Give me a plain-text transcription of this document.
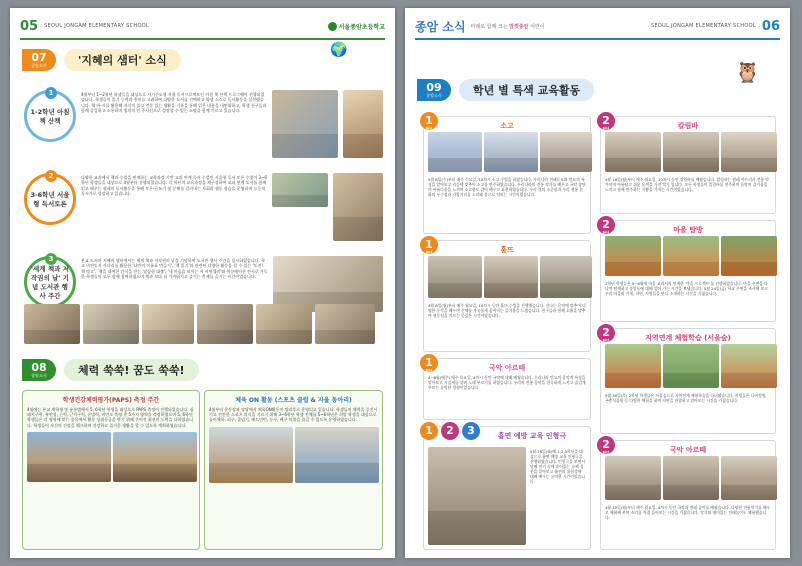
05 SEOUL JONGAM ELEMENTARY SCHOOL	서울종암초등학교
07
종암소식	'지혜의 샘터' 소식
🌍
1
1-2학년 아침 책 산책
4월부터 1~2학년 학생들을 대상으로 자기주도형 자율 독서프로젝트인 아침 책 산책 프로그램이 진행되었습니다. 학생들이 읽기 능력과 흥미를 고려하여 다양한 도서를 선택하고 학생 스스로 독서활동을 실천했습니다. 책 바-시를 활용해 자신의 읽고 견문 있는 생활을 기록을 통해 읽은 내용을 내면화하고, 학생 친구들과 함께 공감하고 소통하며 정의적 인 주사진으로 성장할 수 있는 소양을 함께 기르고 있습니다.
2
3-6학년 서울형 독서토론
다양한 교과에서 책과 수업을 연계하는 교육과정 기반 교과 연계 독서 수업인 서울형 독서 토론 수업이 3~6학년 학생들을 대상으로 4월부터 진행되었습니다. 각 학년의 교육과정을 재구성하여 교과 연계 도서를 함께 읽고 배우는 형태의 독서활동을 통해 토론-글쓰기 및 문해를 길러내는 사회과 협동 학습을 운영하며 능동적 독서가로 성장하고 있습니다.
3
'세계 책과 저작권의 날' 기념 도서관 행사 주간
본교 도서관 지혜의 샘터에서는 세계 책과 저작권의 날을 기념하여 도서관 행사 주간을 실시하였습니다. 학교 비전도서 사다리를 활용한 '나만의 이름표 만들기', '책 읽기'과 관련된 다양한 활동을 할 수 있는 '도전! 책 빙고', '책을 대여한 간식을 받는 '달콤한 대출', '내 마음을 보이는 서 서연셀러'와 북큐레이션 전시로 가득 한 학생들이 모두 함께 참여하였으며 책과 보다 더 가까워지고 즐기는 축제를 즐기는 시간이었습니다.
08
종암소식	체력 쑥쑥! 꿈도 쑥쑥!
학생건강체력평가(PAPS) 측정 주간

4월에는 본교 재학생 및 유통법에서 5, 6학년 학생을 대상으로 PAPS 측정이 진행되었습니다. 심폐지구력, 유연성, 근력, 근지구력, 순발력, 비만도 측정 총 5가지 영역을 측정하였으며 5, 6학년 학생들은 각 영역에 맞는 종목에서 활동 상위등급을 받기 위해 주어진 최선의 노력을 다하였습니다. 학생들이 자신의 건강을 체크하며 건강하고 즐거운 생활을 할 수 있도록 계획하였습니다.

체육 ON 활동 (스포츠 클럽 & 자율 동아리)

4월부터 운동장과 강당에서 체육ON활동이 방과후로 운영되고 있습니다. 학생들의 체력을 증진시키고 건전한 스포츠 의식을 기르기 위해 3~6학년 학생 전체를 5~6학년은 희망 학생을 대상으로 놀이체육, 피구, 줄넘기, 배드민턴, 농구, 배구 티볼을 즐길 수 있도록 운영하였습니다.

종암 소식 미래로 함께 크는 맘껏종암 어린이	SEOUL JONGAM ELEMENTARY SCHOOL 06
09
종암소식	학년 별 특색 교육활동
🦉
1
학년	소고
5월 8일(수)부터 매주 수요일, 10차시 소고 수업을 하였습니다. 우리나라 전래동요와 민요의 특징을 알아보고 리듬에 맞추어 소고를 연주하였습니다. 우리나라의 전통 악기를 배우고 국악 장단의 아름다움을 느끼며 소고춤도 같이 배우고 표현하였습니다. 우리 것의 소중함과 우리 전통 문화의 우수성과 자랑거리를 소리와 몸으로 익히는 시간이었습니다.
1
학년	훌뜨
4월 8일(월)부터 매주 월요일, 10차시 동안 훌뜨 수업을 진행했습니다. 신나는 음악에 맞추어 다양한 동작을 배우며 신체를 자유롭게 움직이는 즐거움을 느꼈습니다. 친구들과 함께 호흡을 맞추며 협동심을 기르는 뜻깊은 시간이었습니다.
1
학년	국악 아르떼
4~6월(매주) 매주 목요일, 4차시 동안 국악에 대해 배웠습니다. 우리나라 민요의 음악적 특징을 알아보고 시김새를 살려 노래 부르기를 하였습니다. 우리의 전통 음악을 친숙하게 느끼고 즐겁게 부르는 유익한 경험이었습니다.
1	2	3	흡연 예방 교육 인형극
5월 28일(화)에 1,2,3학년을 대상으로 흡연 예방 교육 인형극을 진행하였습니다. 인형극을 보면서 담배 연기 속에 숨어있는 유해 성분을 알아보고 흡연의 위험성에 대해 배우는 유익한 시간이었습니다.
2
학년	칼림바
4월 16일(월)부터 매주 월요일, 10차시 동안 칼림바를 배웠습니다. 칼림바는 원래 아프리카 전통 악기이며 아름답고 쉬운 음색을 가진 악기 입니다. 모든 학생들이 칼림바를 연주하며 음악의 즐거움을 느끼고 함께 연주하는 기쁨을 가지는 시간이었습니다.
2
학년	마을 탐방
2학년 학생들은 5~6월에 마을 교과서의 연계한 '마을 프로젝트'를 진행하였습니다. 마을 주변을 다니며 탐색하고 종암동에 대해 알아 가는 시간을 보냈습니다. 5월 24일(금) 학교 주변을 조사해 보고 우리 마을의 가게, 자연, 사람들을 만나 소개하는 시간을 가졌습니다.
2
학년	지역연계 체험학습 (서울숲)
5월 30일(목) 2학년 학생들은 서울숲으로 지역연계 체험학습을 다녀왔습니다. 학생들은 나비정원, 곤충식물원 등 다양한 체험을 하며 자연을 관찰하고 알아보는 시간을 가졌습니다.
2
학년	국악 아르떼
4월 15일(월)부터 매주 월요일, 4차시 동안 국악과 전래 놀이를 배웠습니다. 다양한 전통악기를 배우고 체험해 보며 소리를 직접 들어보는 시간을 가졌습니다. 악기와 재미있는 전래놀이도 체험했습니다.
